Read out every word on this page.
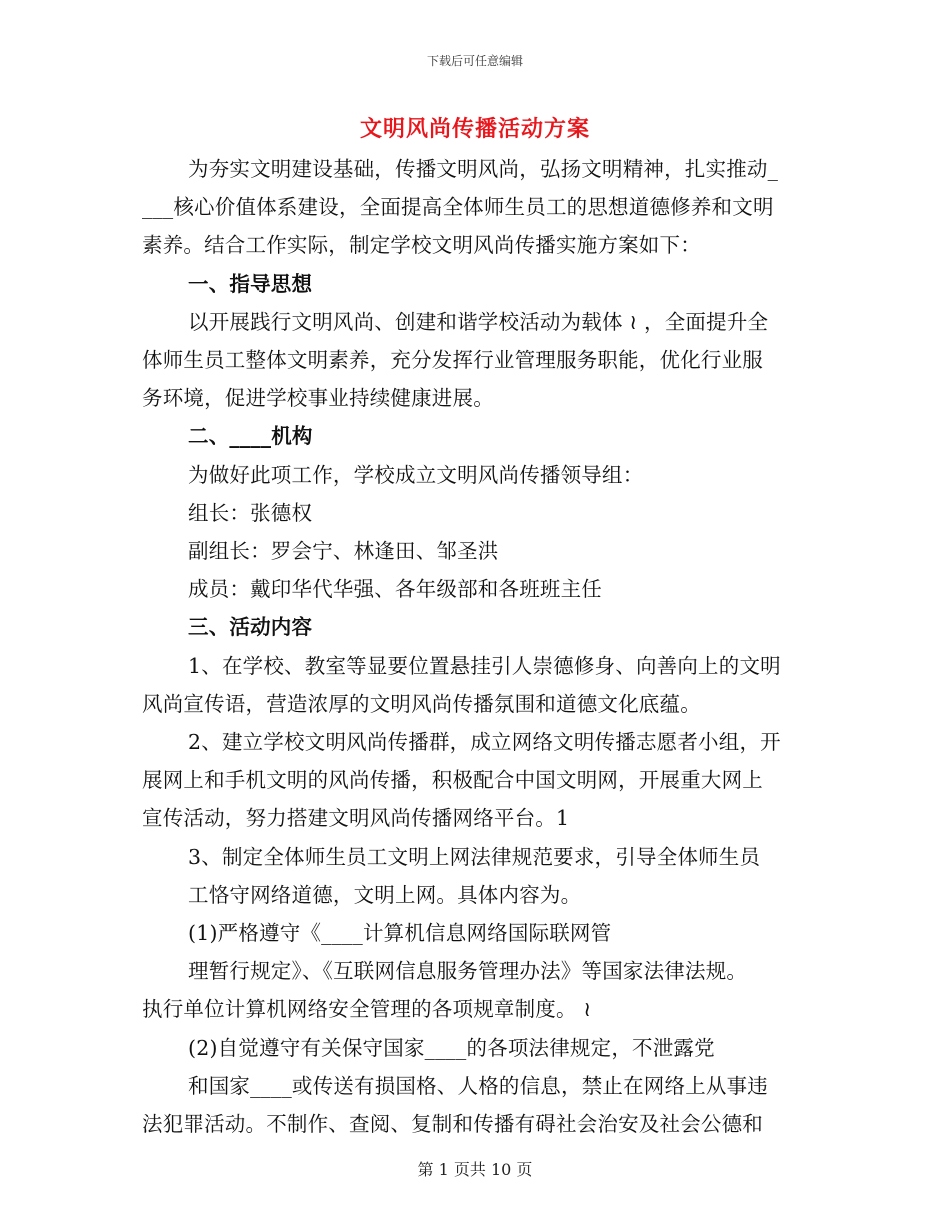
下载后可任意编辑
文明风尚传播活动方案

为夯实文明建设基础，传播文明风尚，弘扬文明精神，扎实推动_

___核心价值体系建设，全面提高全体师生员工的思想道德修养和文明

素养。结合工作实际，制定学校文明风尚传播实施方案如下：

一、指导思想

以开展践行文明风尚、创建和谐学校活动为载体 ≀ ，全面提升全

体师生员工整体文明素养，充分发挥行业管理服务职能，优化行业服

务环境，促进学校事业持续健康进展。

二、____机构

为做好此项工作，学校成立文明风尚传播领导组：

组长：张德权

副组长：罗会宁、林逢田、邹圣洪

成员：戴印华代华强、各年级部和各班班主任

三、活动内容

1、在学校、教室等显要位置悬挂引人崇德修身、向善向上的文明

风尚宣传语，营造浓厚的文明风尚传播氛围和道德文化底蕴。

2、建立学校文明风尚传播群，成立网络文明传播志愿者小组，开

展网上和手机文明的风尚传播，积极配合中国文明网，开展重大网上

宣传活动，努力搭建文明风尚传播网络平台。1

3、制定全体师生员工文明上网法律规范要求，引导全体师生员

工恪守网络道德，文明上网。具体内容为。

(1)严格遵守《____计算机信息网络国际联网管

理暂行规定》、《互联网信息服务管理办法》等国家法律法规。

执行单位计算机网络安全管理的各项规章制度。 ≀

(2)自觉遵守有关保守国家____的各项法律规定，不泄露党

和国家____或传送有损国格、人格的信息，禁止在网络上从事违

法犯罪活动。不制作、查阅、复制和传播有碍社会治安及社会公德和

第 1 页共 10 页
